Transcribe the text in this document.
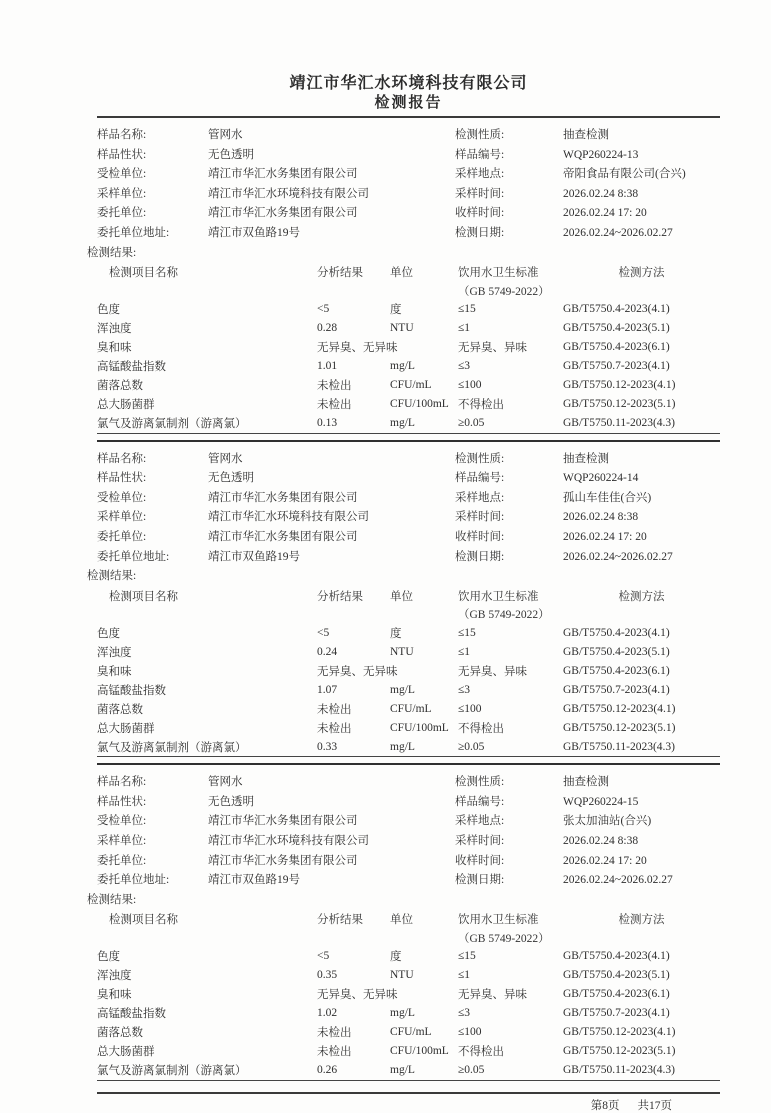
靖江市华汇水环境科技有限公司
检测报告
样品名称:	管网水	检测性质:	抽查检测
样品性状:	无色透明	样品编号:	WQP260224-13
受检单位:	靖江市华汇水务集团有限公司	采样地点:	帝阳食品有限公司(合兴)
采样单位:	靖江市华汇水环境科技有限公司	采样时间:	2026.02.24 8:38
委托单位:	靖江市华汇水务集团有限公司	收样时间:	2026.02.24 17: 20
委托单位地址:	靖江市双鱼路19号	检测日期:	2026.02.24~2026.02.27
检测结果:
检测项目名称	分析结果	单位	饮用水卫生标准	检测方法
			（GB 5749-2022）	
色度	<5	度	≤15	GB/T5750.4-2023(4.1)
浑浊度	0.28	NTU	≤1	GB/T5750.4-2023(5.1)
臭和味	无异臭、无异味		无异臭、异味	GB/T5750.4-2023(6.1)
高锰酸盐指数	1.01	mg/L	≤3	GB/T5750.7-2023(4.1)
菌落总数	未检出	CFU/mL	≤100	GB/T5750.12-2023(4.1)
总大肠菌群	未检出	CFU/100mL	不得检出	GB/T5750.12-2023(5.1)
氯气及游离氯制剂（游离氯）	0.13	mg/L	≥0.05	GB/T5750.11-2023(4.3)
样品名称:	管网水	检测性质:	抽查检测
样品性状:	无色透明	样品编号:	WQP260224-14
受检单位:	靖江市华汇水务集团有限公司	采样地点:	孤山车佳佳(合兴)
采样单位:	靖江市华汇水环境科技有限公司	采样时间:	2026.02.24 8:38
委托单位:	靖江市华汇水务集团有限公司	收样时间:	2026.02.24 17: 20
委托单位地址:	靖江市双鱼路19号	检测日期:	2026.02.24~2026.02.27
检测结果:
检测项目名称	分析结果	单位	饮用水卫生标准	检测方法
			（GB 5749-2022）	
色度	<5	度	≤15	GB/T5750.4-2023(4.1)
浑浊度	0.24	NTU	≤1	GB/T5750.4-2023(5.1)
臭和味	无异臭、无异味		无异臭、异味	GB/T5750.4-2023(6.1)
高锰酸盐指数	1.07	mg/L	≤3	GB/T5750.7-2023(4.1)
菌落总数	未检出	CFU/mL	≤100	GB/T5750.12-2023(4.1)
总大肠菌群	未检出	CFU/100mL	不得检出	GB/T5750.12-2023(5.1)
氯气及游离氯制剂（游离氯）	0.33	mg/L	≥0.05	GB/T5750.11-2023(4.3)
样品名称:	管网水	检测性质:	抽查检测
样品性状:	无色透明	样品编号:	WQP260224-15
受检单位:	靖江市华汇水务集团有限公司	采样地点:	张太加油站(合兴)
采样单位:	靖江市华汇水环境科技有限公司	采样时间:	2026.02.24 8:38
委托单位:	靖江市华汇水务集团有限公司	收样时间:	2026.02.24 17: 20
委托单位地址:	靖江市双鱼路19号	检测日期:	2026.02.24~2026.02.27
检测结果:
检测项目名称	分析结果	单位	饮用水卫生标准	检测方法
			（GB 5749-2022）	
色度	<5	度	≤15	GB/T5750.4-2023(4.1)
浑浊度	0.35	NTU	≤1	GB/T5750.4-2023(5.1)
臭和味	无异臭、无异味		无异臭、异味	GB/T5750.4-2023(6.1)
高锰酸盐指数	1.02	mg/L	≤3	GB/T5750.7-2023(4.1)
菌落总数	未检出	CFU/mL	≤100	GB/T5750.12-2023(4.1)
总大肠菌群	未检出	CFU/100mL	不得检出	GB/T5750.12-2023(5.1)
氯气及游离氯制剂（游离氯）	0.26	mg/L	≥0.05	GB/T5750.11-2023(4.3)
第8页 共17页
